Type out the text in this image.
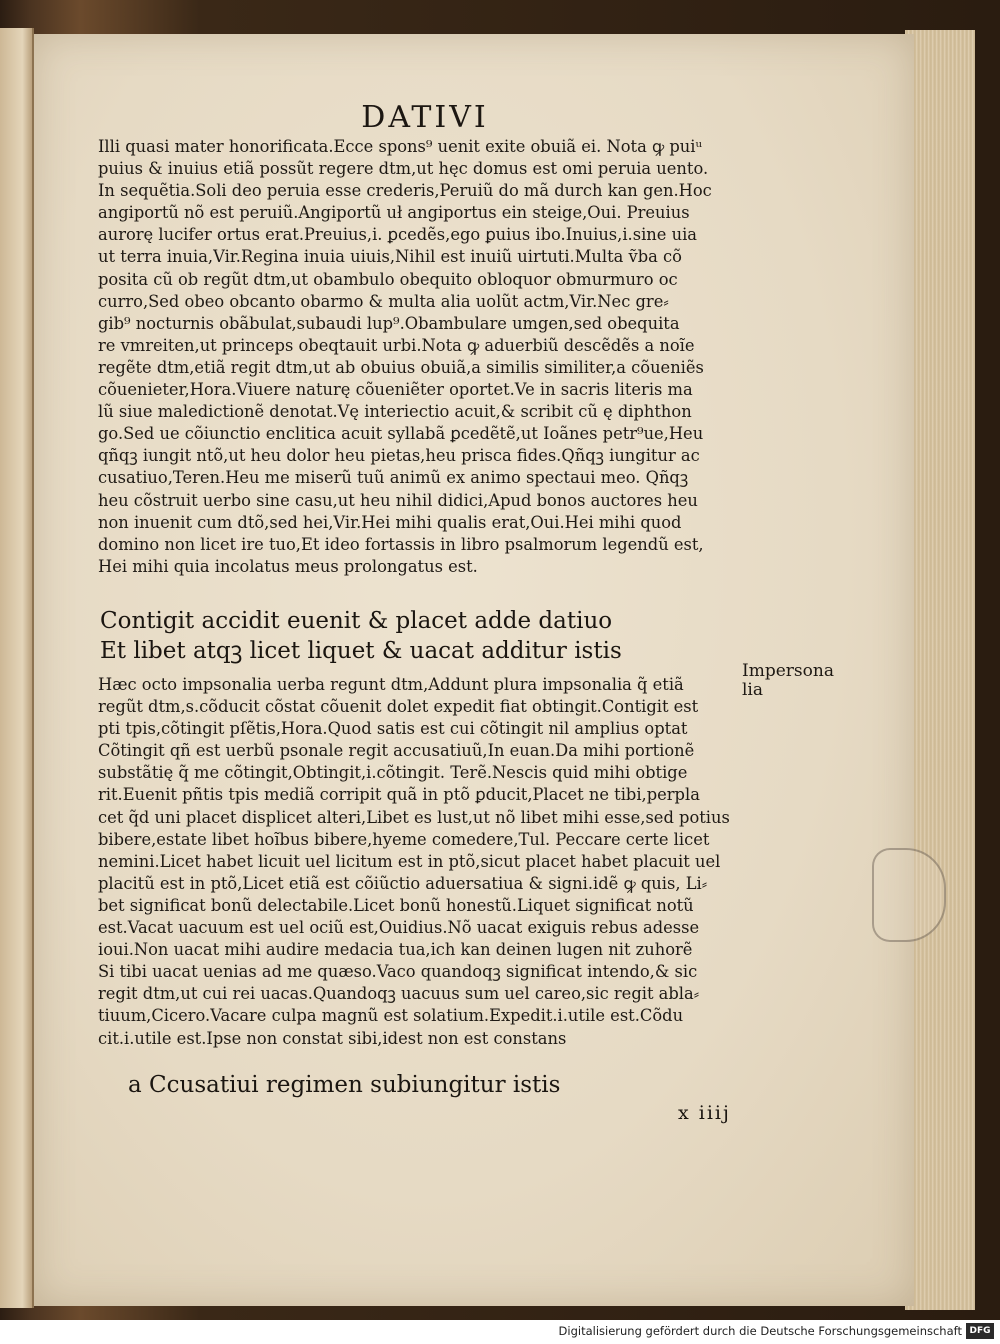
DATIVI
Illi quasi mater honorificata.Ecce spons⁹ uenit exite obuiã ei. Nota ꝙ puiᵘ
puius & inuius etiã possũt regere dtm,ut hęc domus est omi peruia uento.
In sequẽtia.Soli deo peruia esse crederis,Peruiũ do mã durch kan gen.Hoc
angiportũ nõ est peruiũ.Angiportũ uł angiportus ein steige,Oui. Preuius
aurorę lucifer ortus erat.Preuius,i. ꝑcedẽs,ego ꝑuius ibo.Inuius,i.sine uia
ut terra inuia,Vir.Regina inuia uiuis,Nihil est inuiũ uirtuti.Multa ṽba cõ
posita cũ ob regũt dtm,ut obambulo obequito obloquor obmurmuro oc
curro,Sed obeo obcanto obarmo & multa alia uolũt actm,Vir.Nec gre⸗
gib⁹ nocturnis obãbulat,subaudi lup⁹.Obambulare umgen,sed obequita
re vmreiten,ut princeps obeqtauit urbi.Nota ꝙ aduerbiũ descẽdẽs a noĩe
regẽte dtm,etiã regit dtm,ut ab obuius obuiã,a similis similiter,a cõueniẽs
cõuenieter,Hora.Viuere naturę cõueniẽter oportet.Ve in sacris literis ma
lũ siue maledictionẽ denotat.Vę interiectio acuit,& scribit cũ ę diphthon
go.Sed ue cõiunctio enclitica acuit syllabã ꝑcedẽtẽ,ut Ioãnes petr⁹ue,Heu
qñqꝫ iungit ntõ,ut heu dolor heu pietas,heu prisca fides.Qñqꝫ iungitur ac
cusatiuo,Teren.Heu me miserũ tuũ animũ ex animo spectaui meo. Qñqꝫ
heu cõstruit uerbo sine casu,ut heu nihil didici,Apud bonos auctores heu
non inuenit cum dtõ,sed hei,Vir.Hei mihi qualis erat,Oui.Hei mihi quod
domino non licet ire tuo,Et ideo fortassis in libro psalmorum legendũ est,
Hei mihi quia incolatus meus prolongatus est.
Contigit accidit euenit & placet adde datiuo
Et libet atqꝫ licet liquet & uacat additur istis
Impersona
lia
Hæc octo impsonalia uerba regunt dtm,Addunt plura impsonalia q̃ etiã
regũt dtm,s.cõducit cõstat cõuenit dolet expedit fiat obtingit.Contigit est
pti tpis,cõtingit pſẽtis,Hora.Quod satis est cui cõtingit nil amplius optat
Cõtingit qñ est uerbũ psonale regit accusatiuũ,In euan.Da mihi portionẽ
substãtię q̃ me cõtingit,Obtingit,i.cõtingit. Terẽ.Nescis quid mihi obtige
rit.Euenit pñtis tpis mediã corripit quã in ptõ ꝑducit,Placet ne tibi,perpla
cet q̃d uni placet displicet alteri,Libet es lust,ut nõ libet mihi esse,sed potius
bibere,estate libet hoĩbus bibere,hyeme comedere,Tul. Peccare certe licet
nemini.Licet habet licuit uel licitum est in ptõ,sicut placet habet placuit uel
placitũ est in ptõ,Licet etiã est cõiũctio aduersatiua & signi.idẽ ꝙ quis, Li⸗
bet significat bonũ delectabile.Licet bonũ honestũ.Liquet significat notũ
est.Vacat uacuum est uel ociũ est,Ouidius.Nõ uacat exiguis rebus adesse
ioui.Non uacat mihi audire medacia tua,ich kan deinen lugen nit zuhorẽ
Si tibi uacat uenias ad me quæso.Vaco quandoqꝫ significat intendo,& sic
regit dtm,ut cui rei uacas.Quandoqꝫ uacuus sum uel careo,sic regit abla⸗
tiuum,Cicero.Vacare culpa magnũ est solatium.Expedit.i.utile est.Cõdu
cit.i.utile est.Ipse non constat sibi,idest non est constans
a Ccusatiui regimen subiungitur istis
x iiij
Digitalisierung gefördert durch die Deutsche Forschungsgemeinschaft DFG
